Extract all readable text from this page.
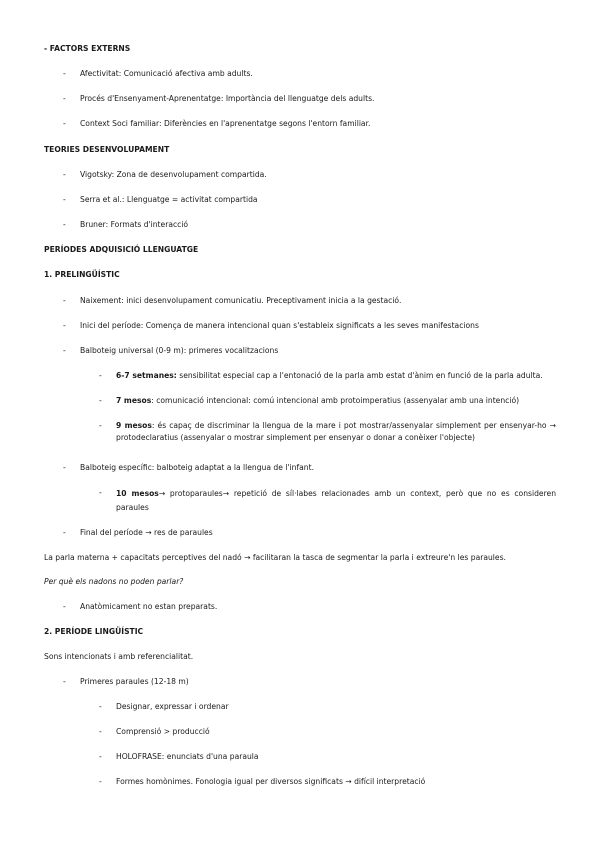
- FACTORS EXTERNS
- Afectivitat: Comunicació afectiva amb adults.
- Procés d'Ensenyament-Aprenentatge: Importància del llenguatge dels adults.
- Context Soci familiar: Diferències en l'aprenentatge segons l'entorn familiar.
TEORIES DESENVOLUPAMENT
- Vigotsky: Zona de desenvolupament compartida.
- Serra et al.: Llenguatge = activitat compartida
- Bruner: Formats d'interacció
PERÍODES ADQUISICIÓ LLENGUATGE
1. PRELINGÜÍSTIC
- Naixement: inici desenvolupament comunicatiu. Preceptivament inicia a la gestació.
- Inici del període: Comença de manera intencional quan s'estableix significats a les seves manifestacions
- Balboteig universal (0-9 m): primeres vocalitzacions
- 6-7 setmanes: sensibilitat especial cap a l'entonació de la parla amb estat d'ànim en funció de la parla adulta.
- 7 mesos: comunicació intencional: comú intencional amb protoimperatius (assenyalar amb una intenció)
- 9 mesos: és capaç de discriminar la llengua de la mare i pot mostrar/assenyalar simplement per ensenyar-ho → protodeclaratius (assenyalar o mostrar simplement per ensenyar o donar a conèixer l'objecte)
- Balboteig específic: balboteig adaptat a la llengua de l'infant.
- 10 mesos→ protoparaules→ repetició de síl·labes relacionades amb un context, però que no es consideren paraules
- Final del període → res de paraules
La parla materna + capacitats perceptives del nadó → facilitaran la tasca de segmentar la parla i extreure'n les paraules.
Per què els nadons no poden parlar?
- Anatòmicament no estan preparats.
2. PERÍODE LINGÜÍSTIC
Sons intencionats i amb referencialitat.
- Primeres paraules (12-18 m)
- Designar, expressar i ordenar
- Comprensió > producció
- HOLOFRASE: enunciats d'una paraula
- Formes homònimes. Fonologia igual per diversos significats → difícil interpretació
